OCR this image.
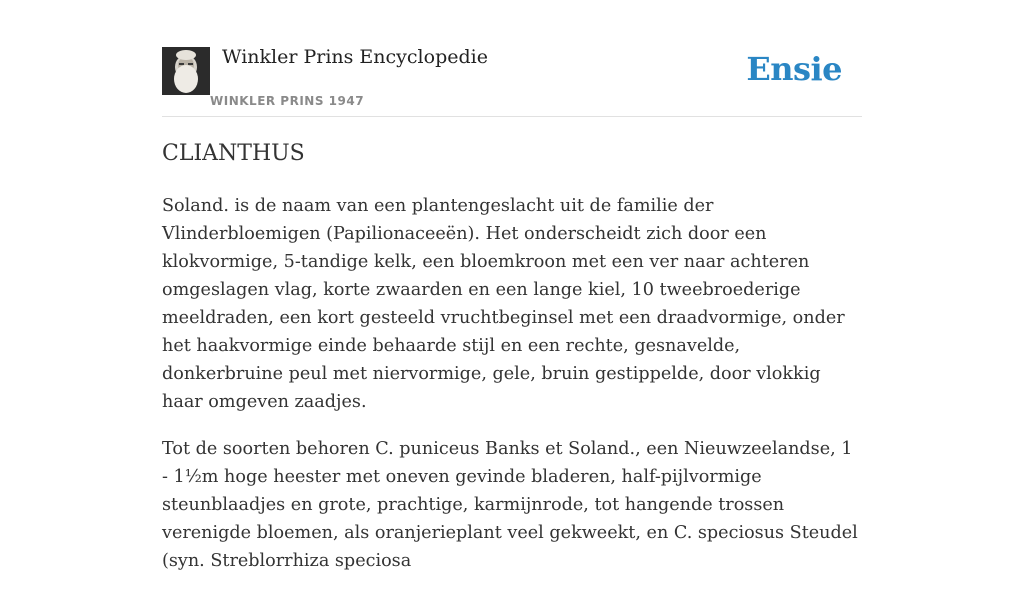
Winkler Prins Encyclopedie
WINKLER PRINS 1947
Ensie
CLIANTHUS

Soland. is de naam van een plantengeslacht uit de familie der Vlinderbloemigen (Papilionaceeën). Het onderscheidt zich door een klokvormige, 5-tandige kelk, een bloemkroon met een ver naar achteren omgeslagen vlag, korte zwaarden en een lange kiel, 10 tweebroederige meeldraden, een kort gesteeld vruchtbeginsel met een draadvormige, onder het haakvormige einde behaarde stijl en een rechte, gesnavelde, donkerbruine peul met niervormige, gele, bruin gestippelde, door vlokkig haar omgeven zaadjes.

Tot de soorten behoren C. puniceus Banks et Soland., een Nieuwzeelandse, 1 - 1½m hoge heester met oneven gevinde bladeren, half-pijlvormige steunblaadjes en grote, prachtige, karmijnrode, tot hangende trossen verenigde bloemen, als oranjerieplant veel gekweekt, en C. speciosus Steudel (syn. Streblorrhiza speciosa
